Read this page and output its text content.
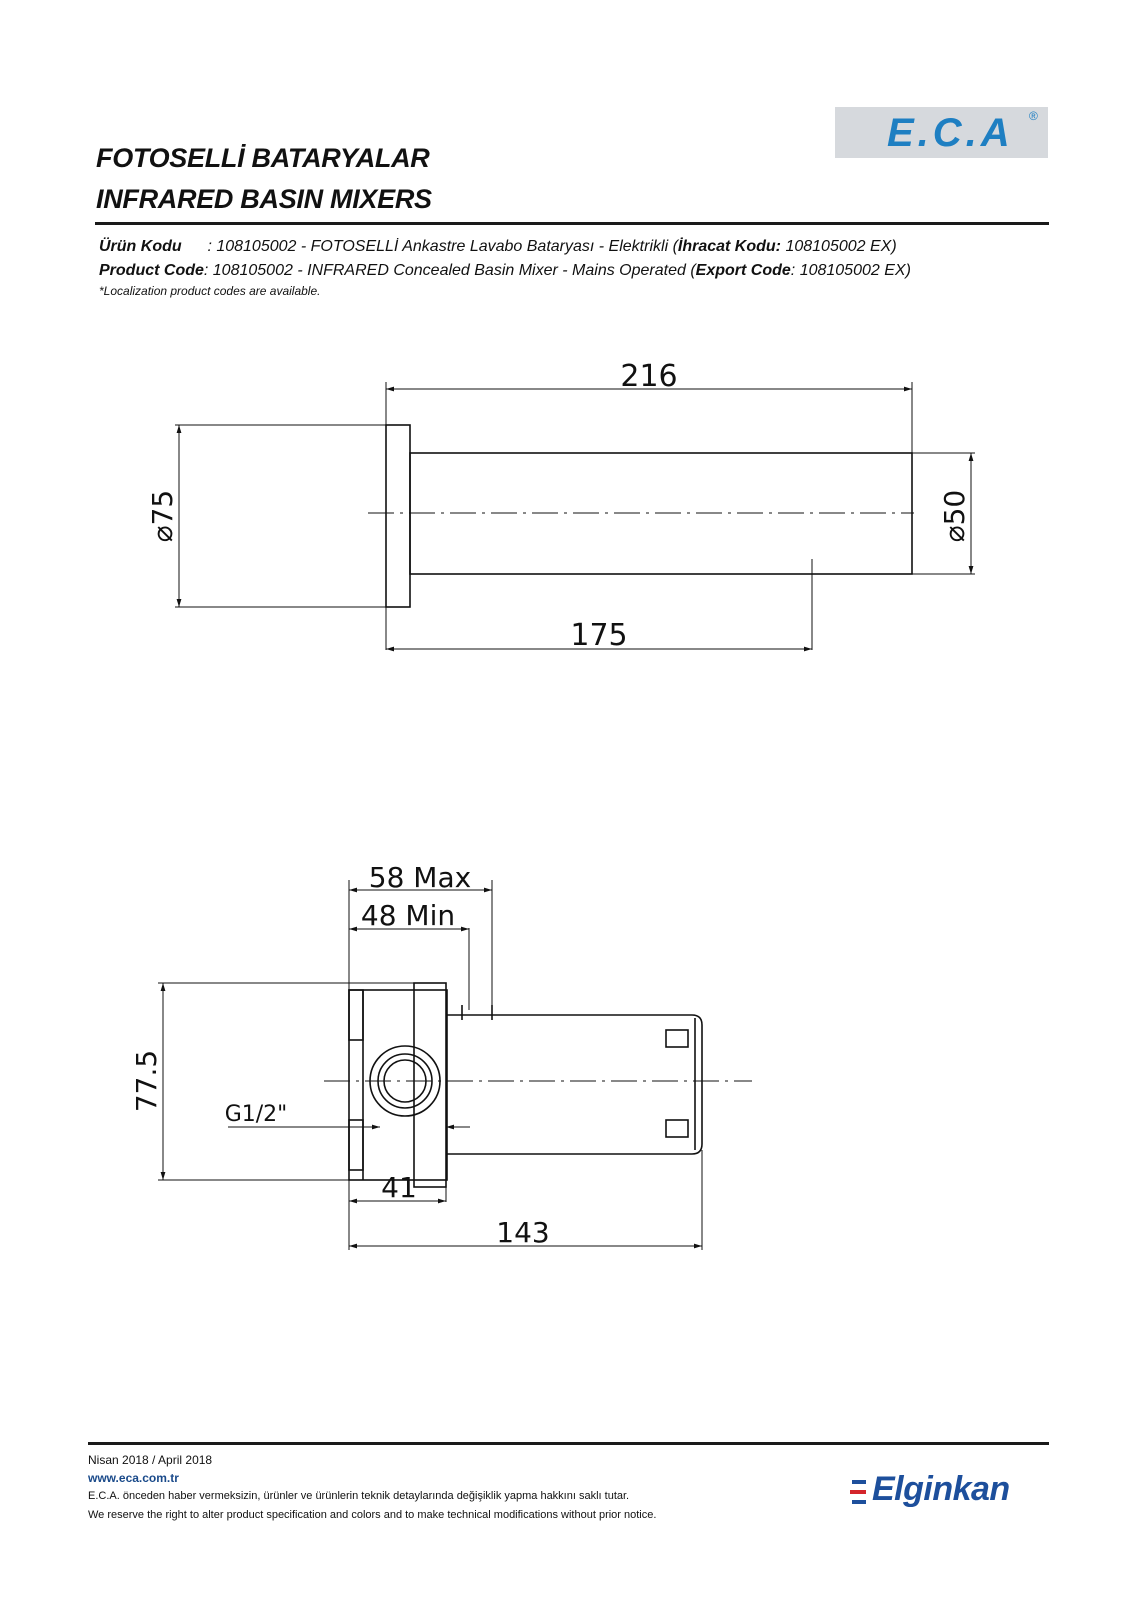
E.C.A ®
FOTOSELLİ BATARYALAR
INFRARED BASIN MIXERS
Ürün Kodu : 108105002 - FOTOSELLİ Ankastre Lavabo Bataryası - Elektrikli (İhracat Kodu: 108105002 EX)
Product Code: 108105002 - INFRARED Concealed Basin Mixer - Mains Operated (Export Code: 108105002 EX)
*Localization product codes are available.
216
175
⌀75	⌀50
58 Max
48 Min
77.5
G1/2"
41
143
Nisan 2018 / April 2018
www.eca.com.tr
E.C.A. önceden haber vermeksizin, ürünler ve ürünlerin teknik detaylarında değişiklik yapma hakkını saklı tutar.
We reserve the right to alter product specification and colors and to make technical modifications without prior notice.
Elginkan
